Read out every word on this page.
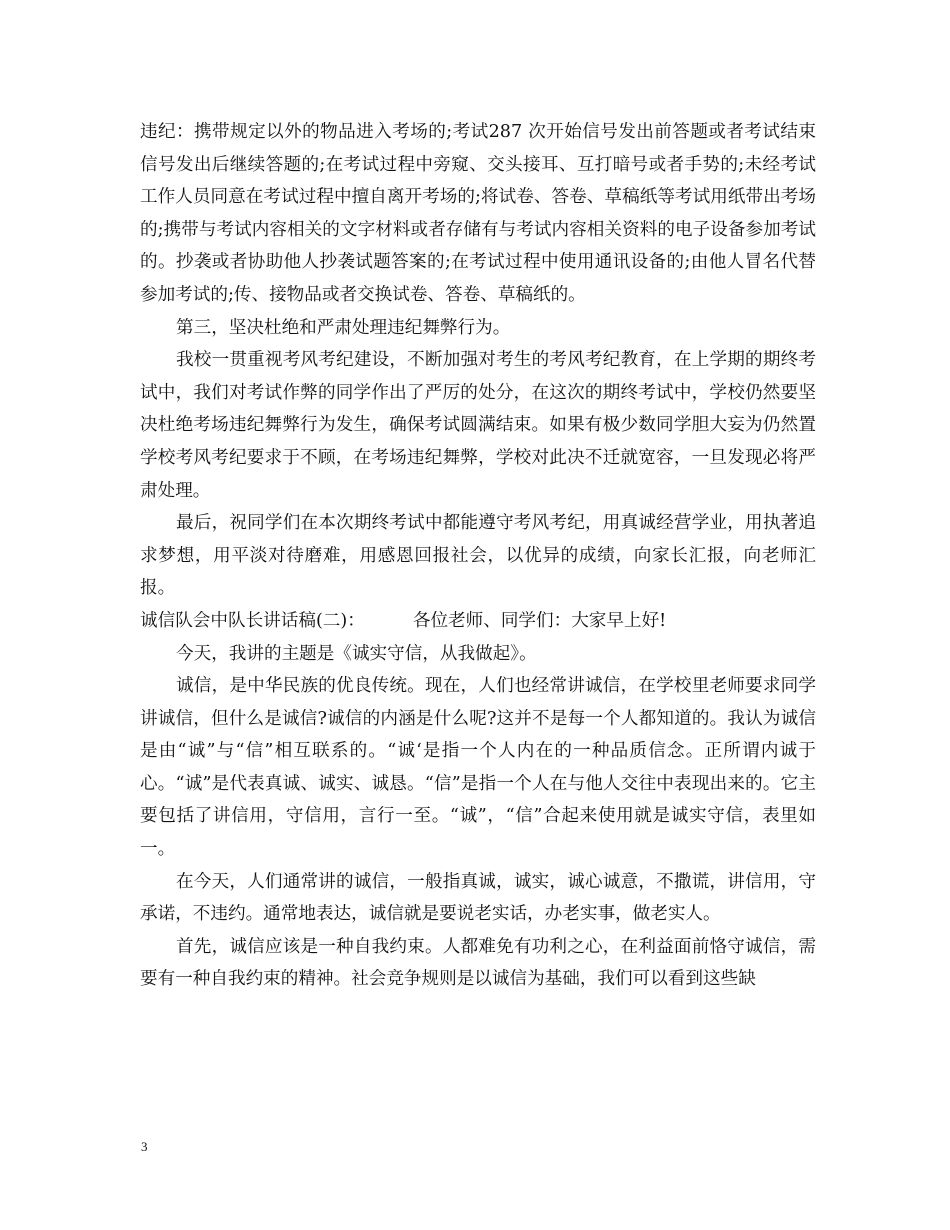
违纪：携带规定以外的物品进入考场的;考试287 次开始信号发出前答题或者考试结束信号发出后继续答题的;在考试过程中旁窥、交头接耳、互打暗号或者手势的;未经考试工作人员同意在考试过程中擅自离开考场的;将试卷、答卷、草稿纸等考试用纸带出考场的;携带与考试内容相关的文字材料或者存储有与考试内容相关资料的电子设备参加考试的。抄袭或者协助他人抄袭试题答案的;在考试过程中使用通讯设备的;由他人冒名代替参加考试的;传、接物品或者交换试卷、答卷、草稿纸的。

第三，坚决杜绝和严肃处理违纪舞弊行为。

我校一贯重视考风考纪建设，不断加强对考生的考风考纪教育，在上学期的期终考试中，我们对考试作弊的同学作出了严厉的处分，在这次的期终考试中，学校仍然要坚决杜绝考场违纪舞弊行为发生，确保考试圆满结束。如果有极少数同学胆大妄为仍然置学校考风考纪要求于不顾，在考场违纪舞弊，学校对此决不迁就宽容，一旦发现必将严肃处理。

最后，祝同学们在本次期终考试中都能遵守考风考纪，用真诚经营学业，用执著追求梦想，用平淡对待磨难，用感恩回报社会，以优异的成绩，向家长汇报，向老师汇报。

诚信队会中队长讲话稿(二)：	各位老师、同学们：大家早上好!

今天，我讲的主题是《诚实守信，从我做起》。

诚信，是中华民族的优良传统。现在，人们也经常讲诚信，在学校里老师要求同学讲诚信，但什么是诚信?诚信的内涵是什么呢?这并不是每一个人都知道的。我认为诚信是由“诚”与“信”相互联系的。“诚‘是指一个人内在的一种品质信念。正所谓内诚于心。“诚”是代表真诚、诚实、诚恳。“信”是指一个人在与他人交往中表现出来的。它主要包括了讲信用，守信用，言行一至。“诚”，“信”合起来使用就是诚实守信，表里如一。

在今天，人们通常讲的诚信，一般指真诚，诚实，诚心诚意，不撒谎，讲信用，守承诺，不违约。通常地表达，诚信就是要说老实话，办老实事，做老实人。

首先，诚信应该是一种自我约束。人都难免有功利之心，在利益面前恪守诚信，需要有一种自我约束的精神。社会竞争规则是以诚信为基础，我们可以看到这些缺

3
